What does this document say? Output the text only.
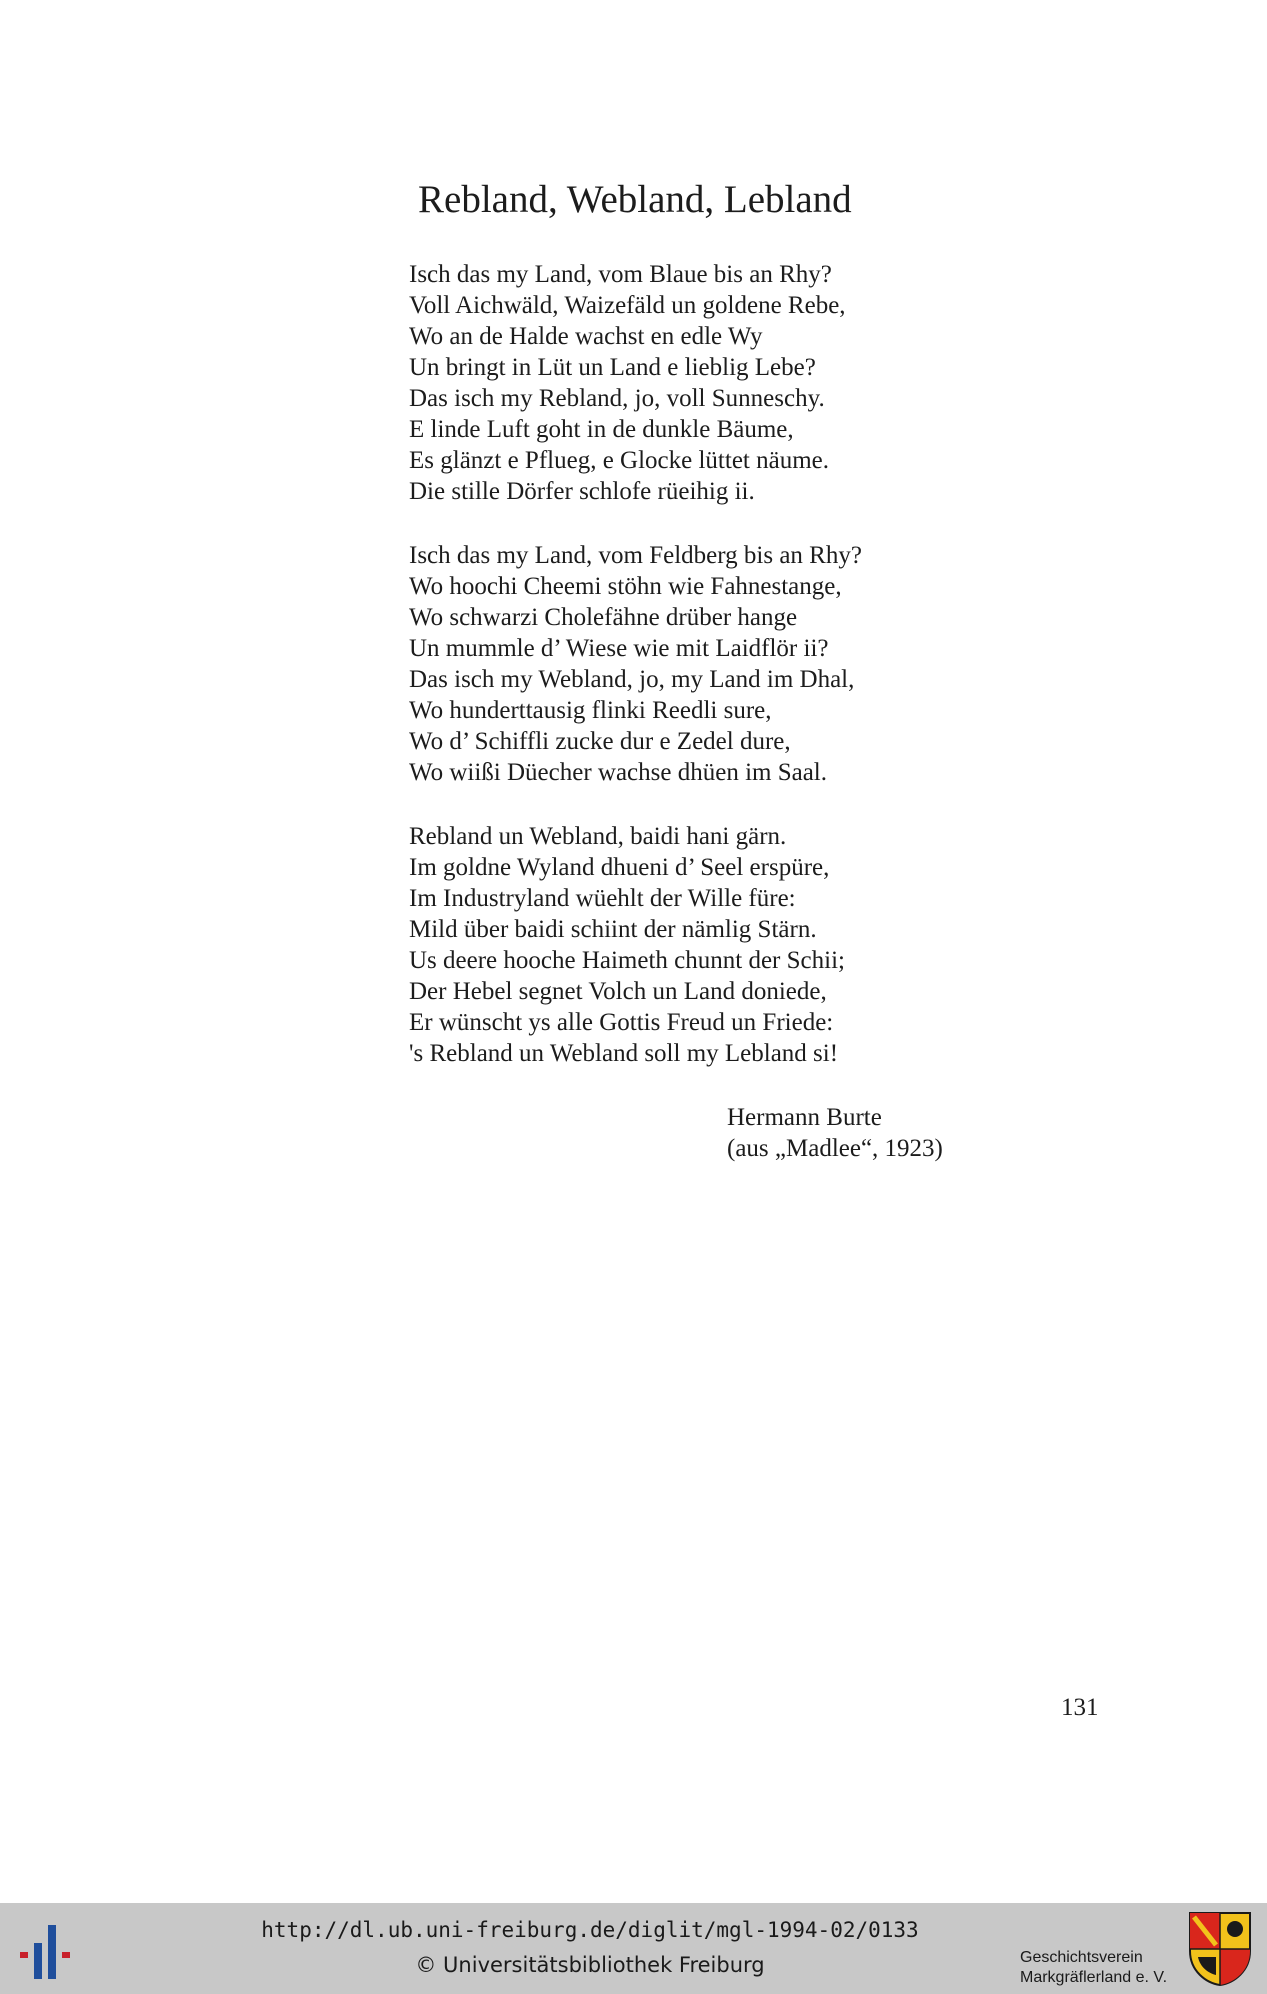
Rebland, Webland, Lebland
Isch das my Land, vom Blaue bis an Rhy?
Voll Aichwäld, Waizefäld un goldene Rebe,
Wo an de Halde wachst en edle Wy
Un bringt in Lüt un Land e lieblig Lebe?
Das isch my Rebland, jo, voll Sunneschy.
E linde Luft goht in de dunkle Bäume,
Es glänzt e Pflueg, e Glocke lüttet näume.
Die stille Dörfer schlofe rüeihig ii.
Isch das my Land, vom Feldberg bis an Rhy?
Wo hoochi Cheemi stöhn wie Fahnestange,
Wo schwarzi Cholefähne drüber hange
Un mummle d’ Wiese wie mit Laidflör ii?
Das isch my Webland, jo, my Land im Dhal,
Wo hunderttausig flinki Reedli sure,
Wo d’ Schiffli zucke dur e Zedel dure,
Wo wiißi Düecher wachse dhüen im Saal.
Rebland un Webland, baidi hani gärn.
Im goldne Wyland dhueni d’ Seel erspüre,
Im Industryland wüehlt der Wille füre:
Mild über baidi schiint der nämlig Stärn.
Us deere hooche Haimeth chunnt der Schii;
Der Hebel segnet Volch un Land doniede,
Er wünscht ys alle Gottis Freud un Friede:
's Rebland un Webland soll my Lebland si!
Hermann Burte
(aus „Madlee“, 1923)
131
http://dl.ub.uni-freiburg.de/diglit/mgl-1994-02/0133
© Universitätsbibliothek Freiburg	Geschichtsverein
Markgräflerland e. V.
